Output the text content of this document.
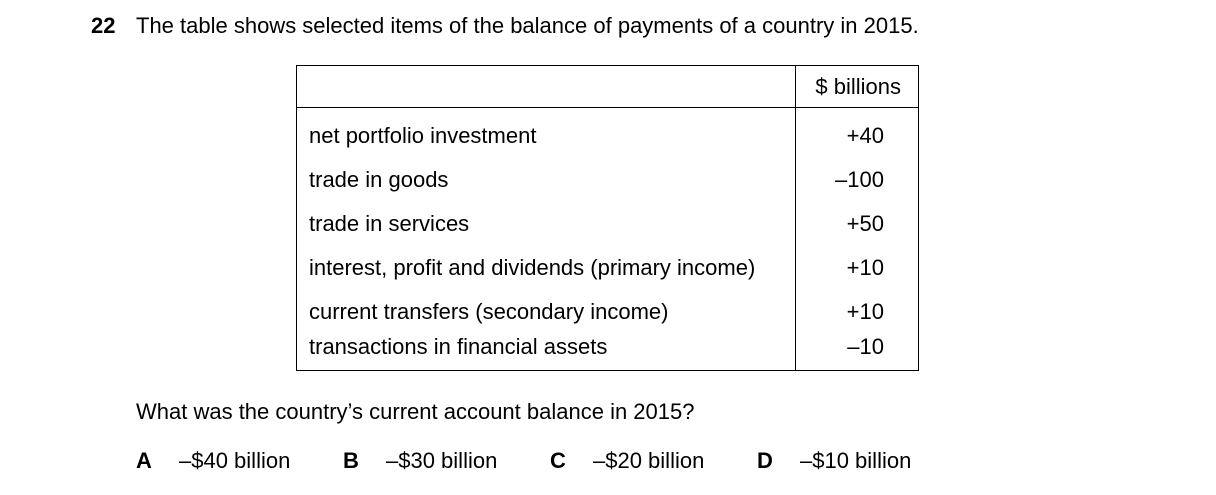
22 The table shows selected items of the balance of payments of a country in 2015.
	$ billions
net portfolio investment	+40
trade in goods	–100
trade in services	+50
interest, profit and dividends (primary income)	+10
current transfers (secondary income)	+10
transactions in financial assets	–10
What was the country’s current account balance in 2015?
A –$40 billion B –$30 billion C –$20 billion D –$10 billion
